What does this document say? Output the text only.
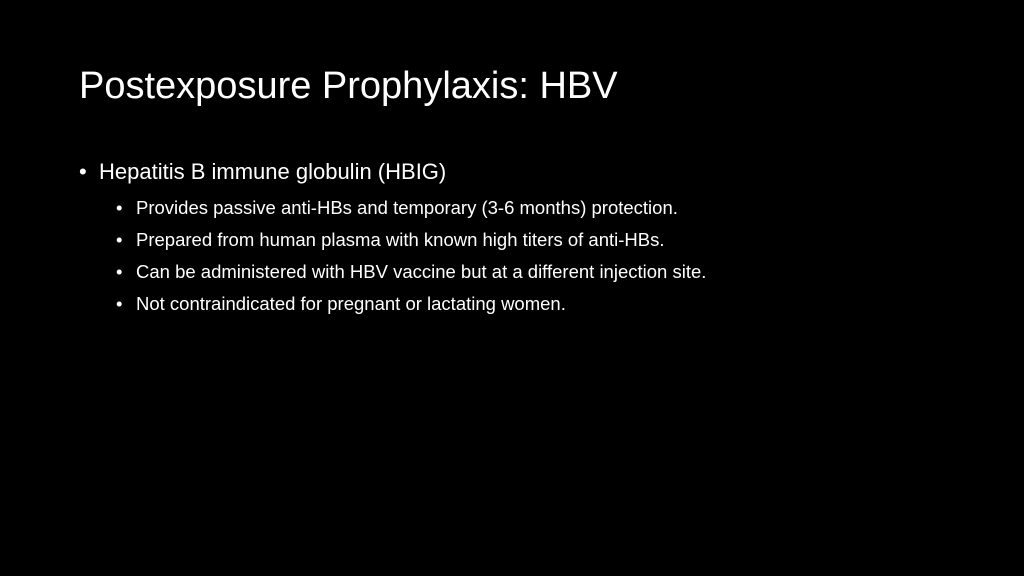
Postexposure Prophylaxis: HBV
• Hepatitis B immune globulin (HBIG)
• Provides passive anti-HBs and temporary (3-6 months) protection.
• Prepared from human plasma with known high titers of anti-HBs.
• Can be administered with HBV vaccine but at a different injection site.
• Not contraindicated for pregnant or lactating women.
